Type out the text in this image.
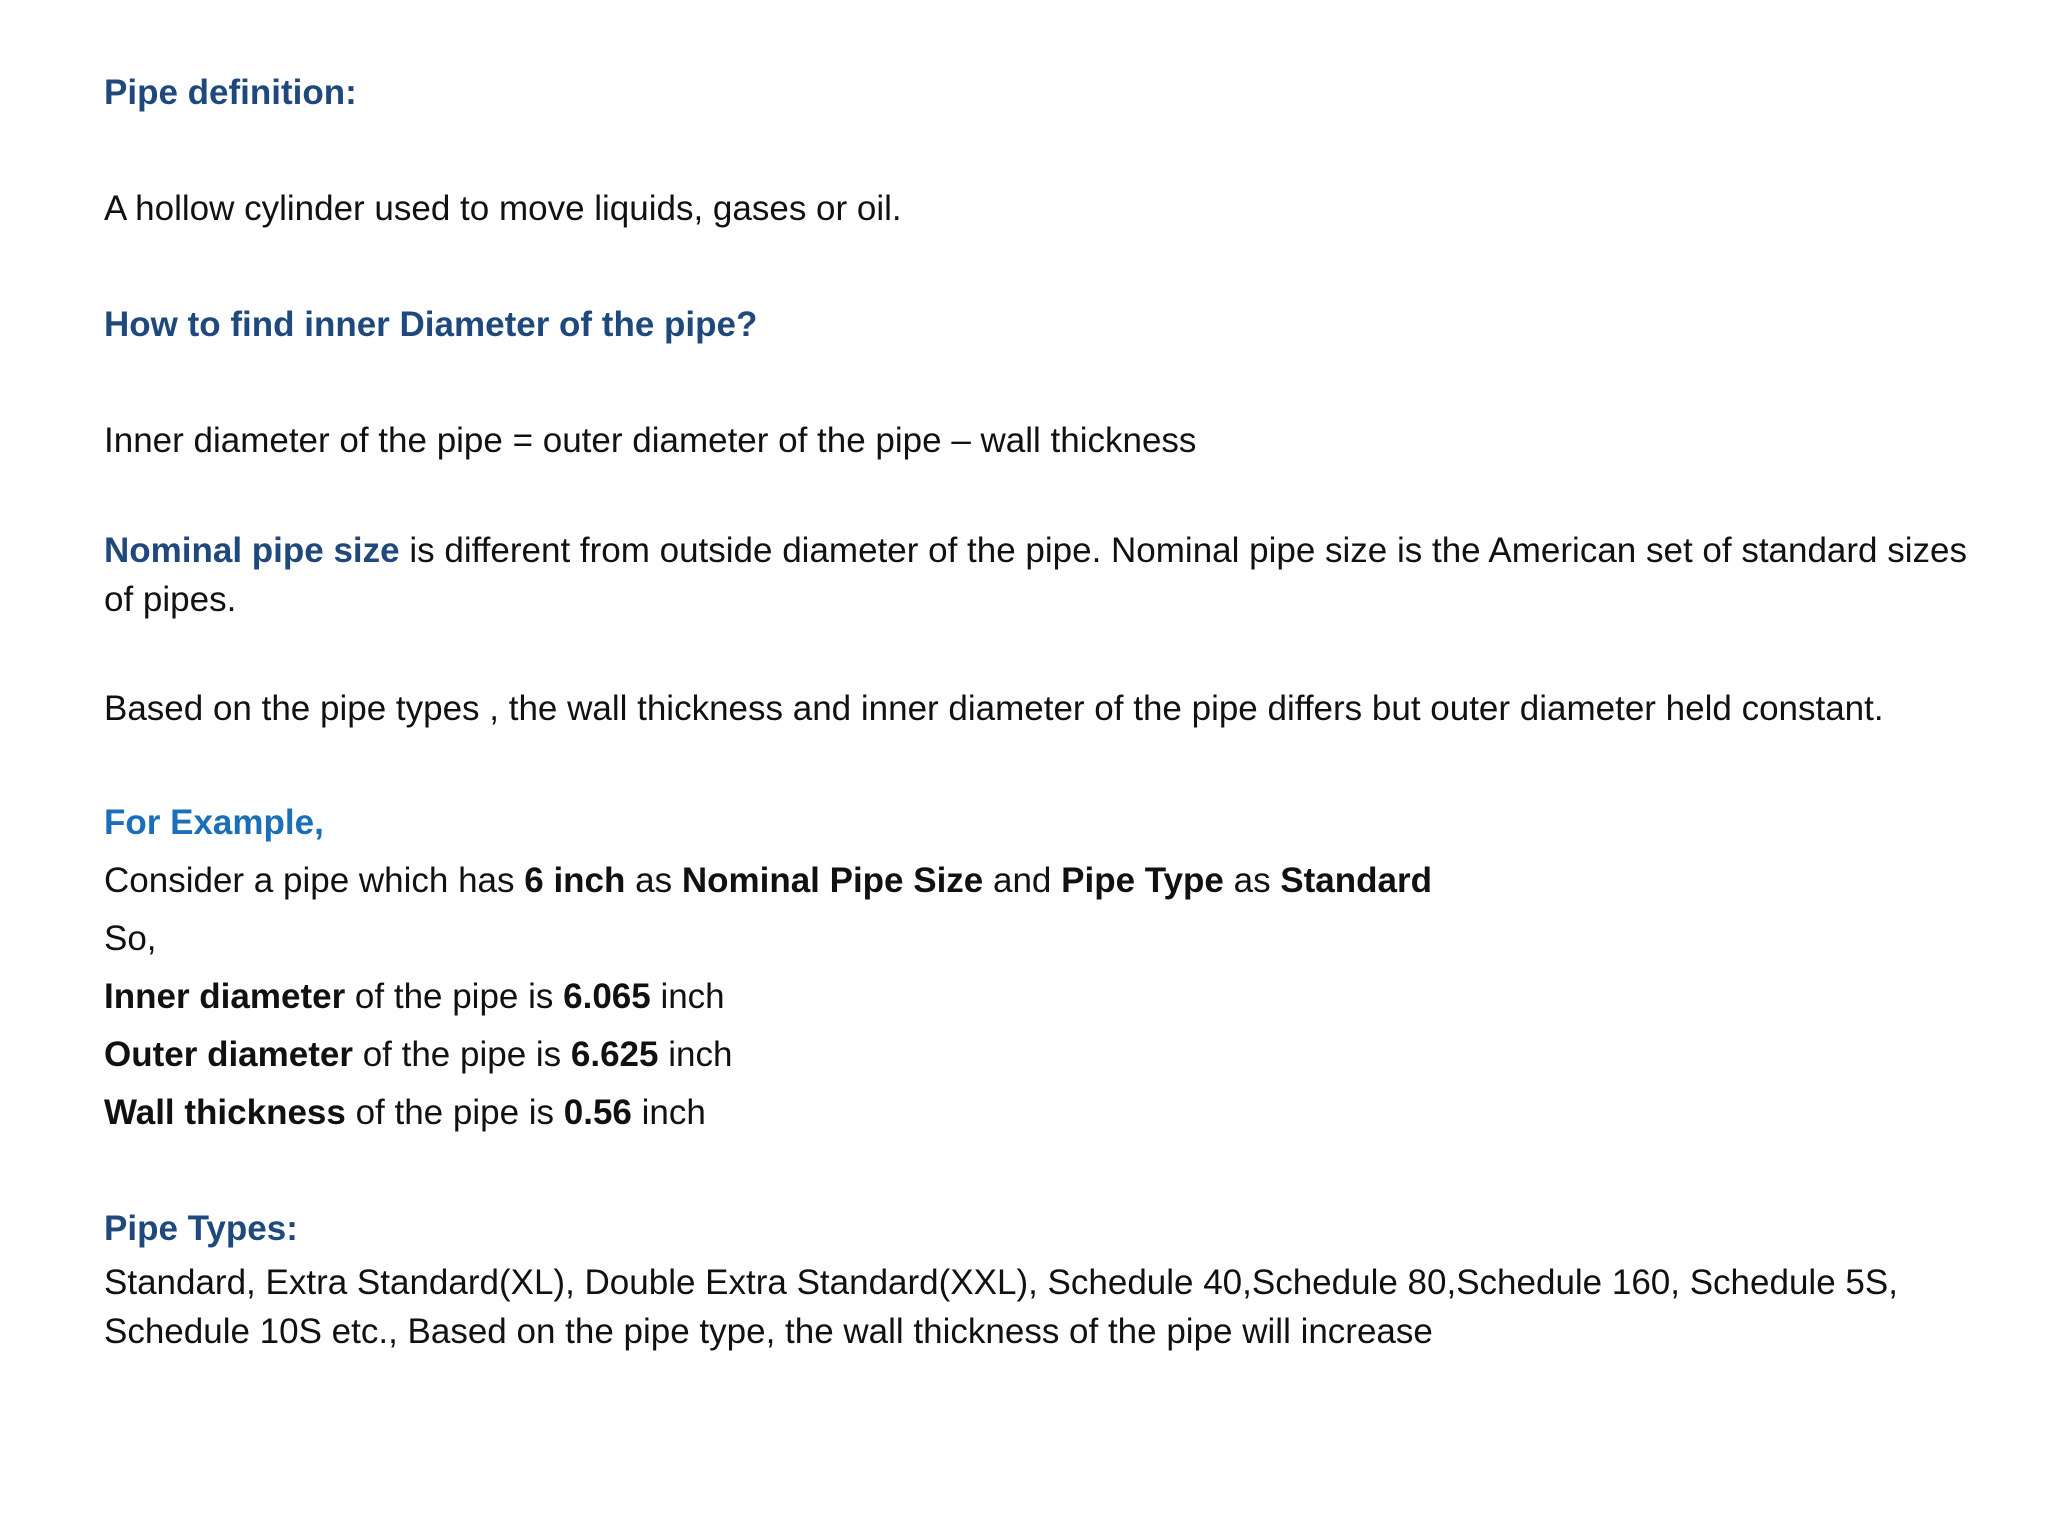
Pipe definition:

A hollow cylinder used to move liquids, gases or oil.

How to find inner Diameter of the pipe?

Inner diameter of the pipe = outer diameter of the pipe – wall thickness

Nominal pipe size is different from outside diameter of the pipe. Nominal pipe size is the American set of standard sizes of pipes.

Based on the pipe types , the wall thickness and inner diameter of the pipe differs but outer diameter held constant.

For Example,

Consider a pipe which has 6 inch as Nominal Pipe Size and Pipe Type as Standard

So,

Inner diameter of the pipe is 6.065 inch

Outer diameter of the pipe is 6.625 inch

Wall thickness of the pipe is 0.56 inch

Pipe Types:

Standard, Extra Standard(XL), Double Extra Standard(XXL), Schedule 40,Schedule 80,Schedule 160, Schedule 5S, Schedule 10S etc., Based on the pipe type, the wall thickness of the pipe will increase
